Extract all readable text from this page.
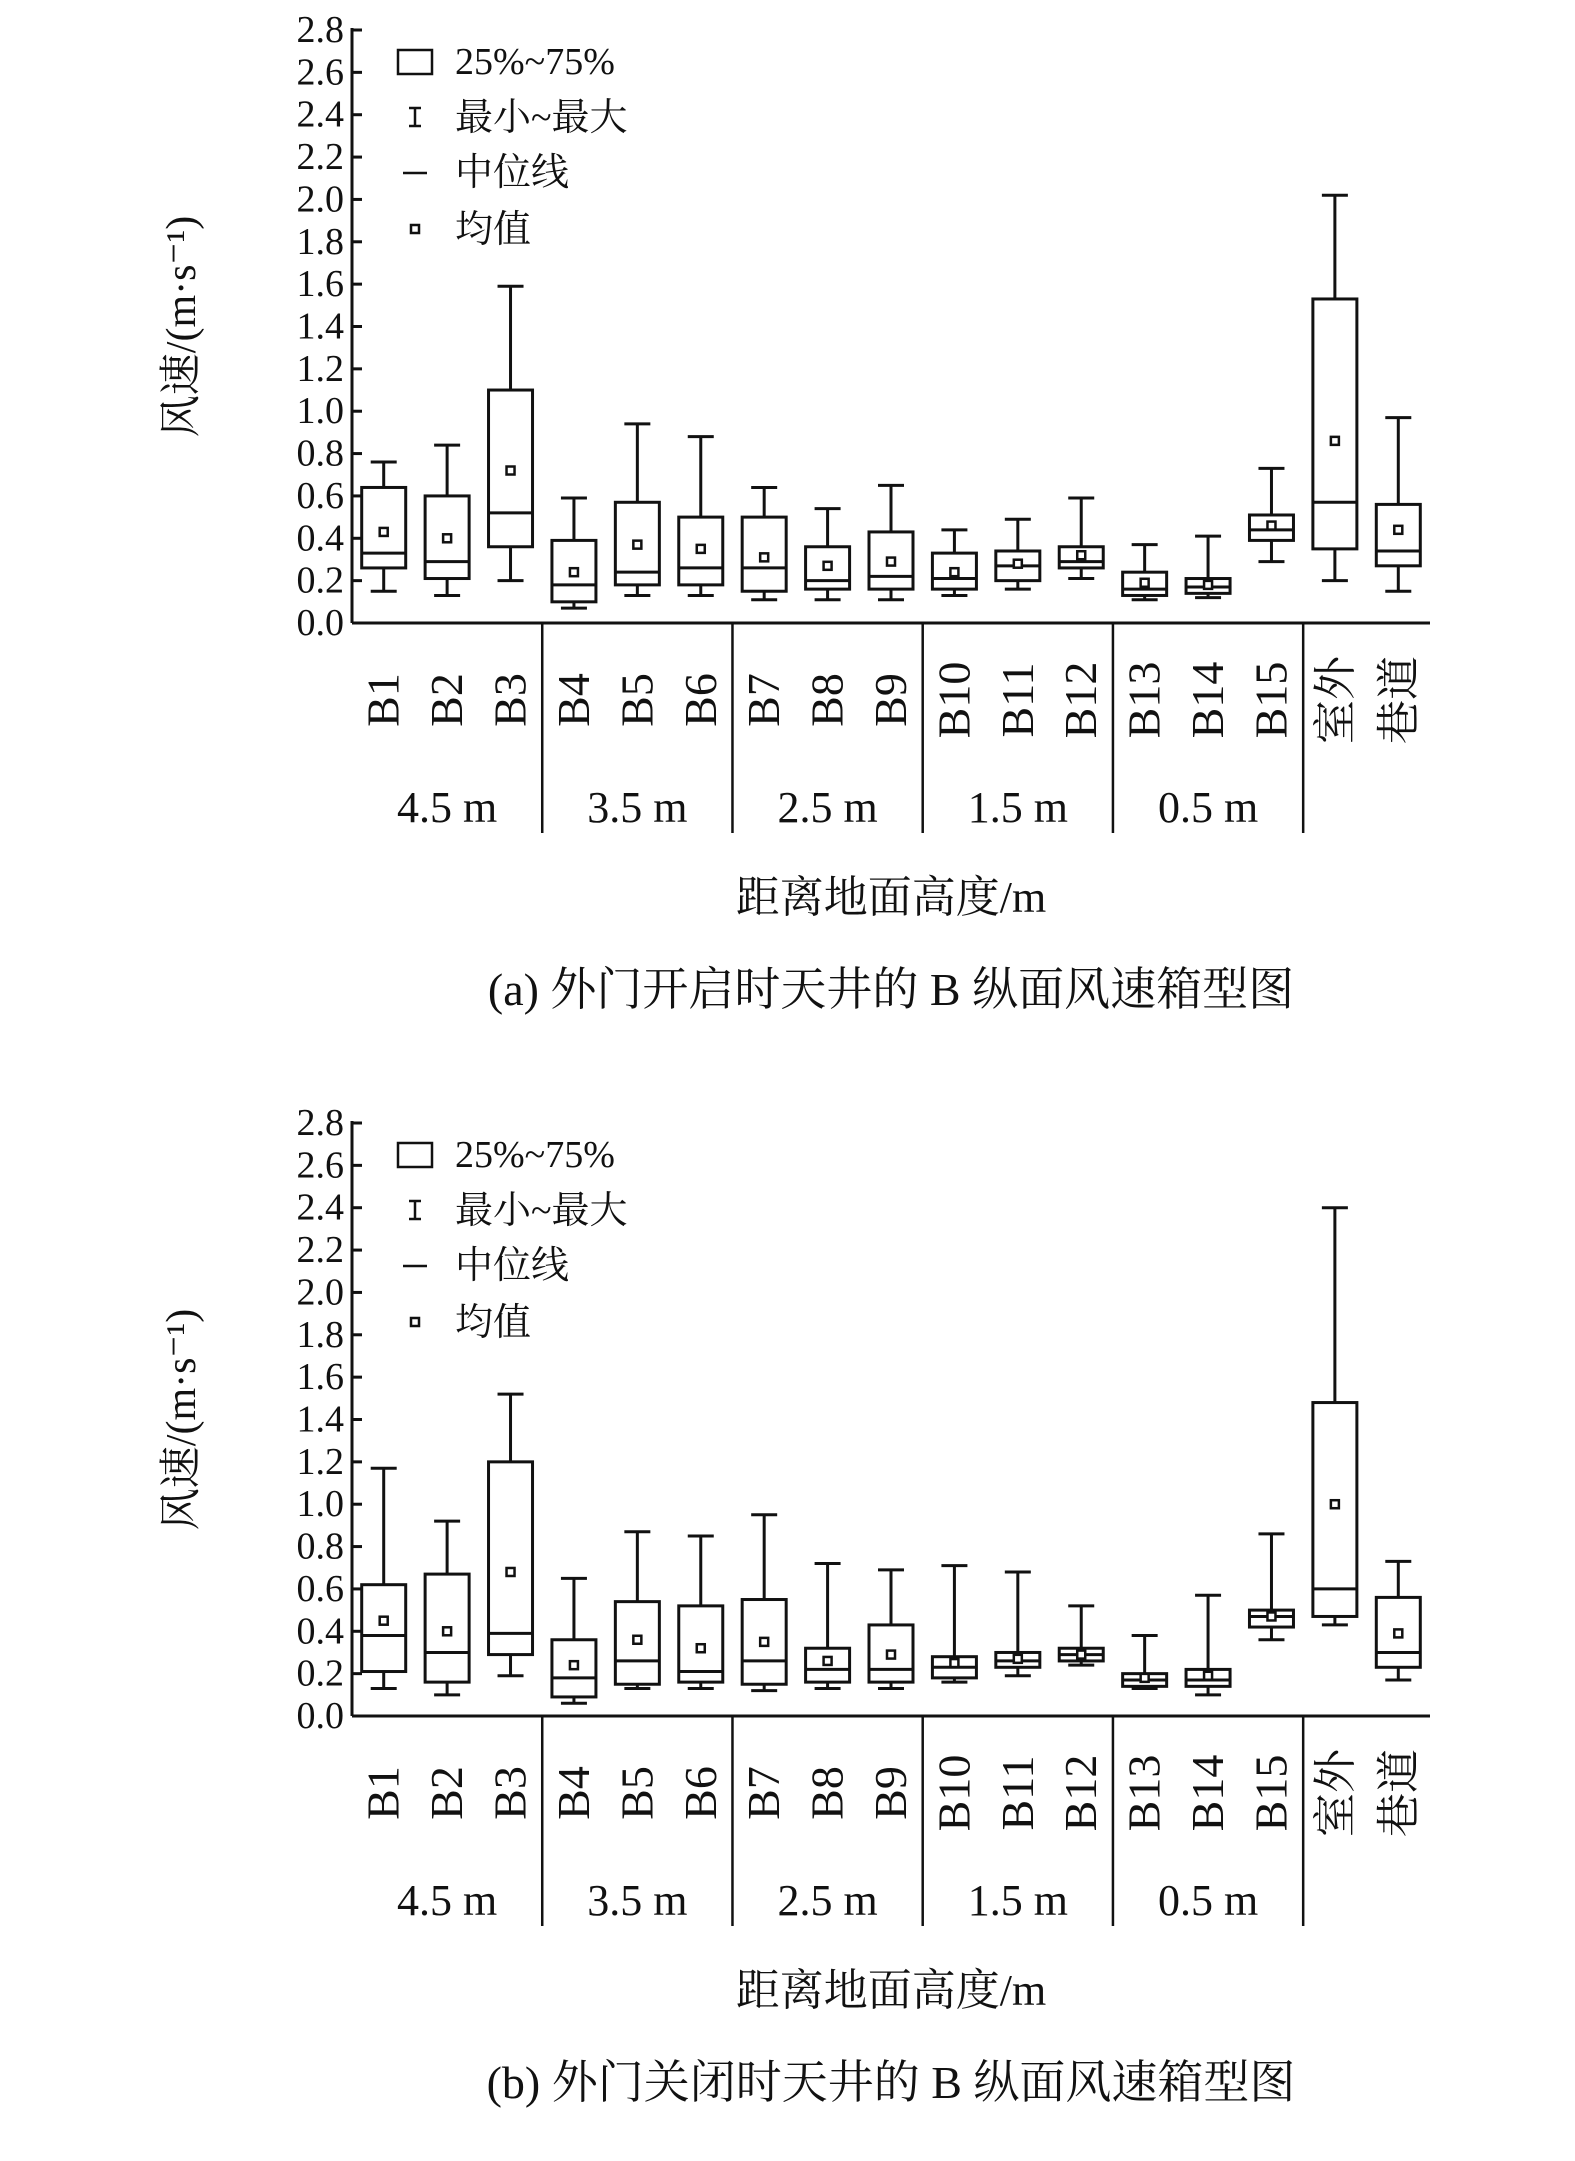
0.0
0.2
0.4
0.6
0.8
1.0
1.2
1.4
1.6
1.8
2.0
2.2
2.4
2.6
2.8
风速/(m·s⁻¹)
B1 B2 B3 B4 B5 B6 B7 B8 B9 B10 B11 B12 B13 B14 B15 室外 巷道
4.5 m 3.5 m 2.5 m 1.5 m 0.5 m
距离地面高度/m
(a) 外门开启时天井的 B 纵面风速箱型图
25%~75%
最小~最大
中位线
均值
0.0
0.2
0.4
0.6
0.8
1.0
1.2
1.4
1.6
1.8
2.0
2.2
2.4
2.6
2.8
风速/(m·s⁻¹)
B1 B2 B3 B4 B5 B6 B7 B8 B9 B10 B11 B12 B13 B14 B15 室外 巷道
4.5 m 3.5 m 2.5 m 1.5 m 0.5 m
距离地面高度/m
(b) 外门关闭时天井的 B 纵面风速箱型图
25%~75%
最小~最大
中位线
均值
